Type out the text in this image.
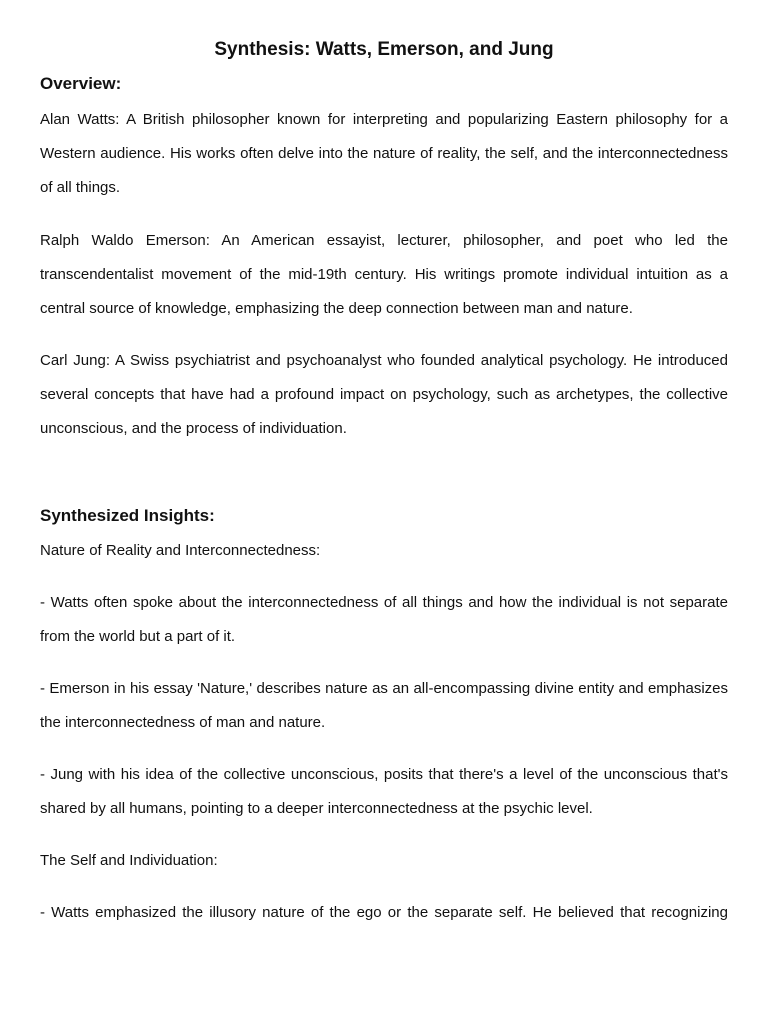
Synthesis: Watts, Emerson, and Jung
Overview:

Alan Watts: A British philosopher known for interpreting and popularizing Eastern philosophy for a Western audience. His works often delve into the nature of reality, the self, and the interconnectedness of all things.

Ralph Waldo Emerson: An American essayist, lecturer, philosopher, and poet who led the transcendentalist movement of the mid-19th century. His writings promote individual intuition as a central source of knowledge, emphasizing the deep connection between man and nature.

Carl Jung: A Swiss psychiatrist and psychoanalyst who founded analytical psychology. He introduced several concepts that have had a profound impact on psychology, such as archetypes, the collective unconscious, and the process of individuation.

Synthesized Insights:

Nature of Reality and Interconnectedness:

- Watts often spoke about the interconnectedness of all things and how the individual is not separate from the world but a part of it.

- Emerson in his essay 'Nature,' describes nature as an all-encompassing divine entity and emphasizes the interconnectedness of man and nature.

- Jung with his idea of the collective unconscious, posits that there's a level of the unconscious that's shared by all humans, pointing to a deeper interconnectedness at the psychic level.

The Self and Individuation:

- Watts emphasized the illusory nature of the ego or the separate self. He believed that recognizing
